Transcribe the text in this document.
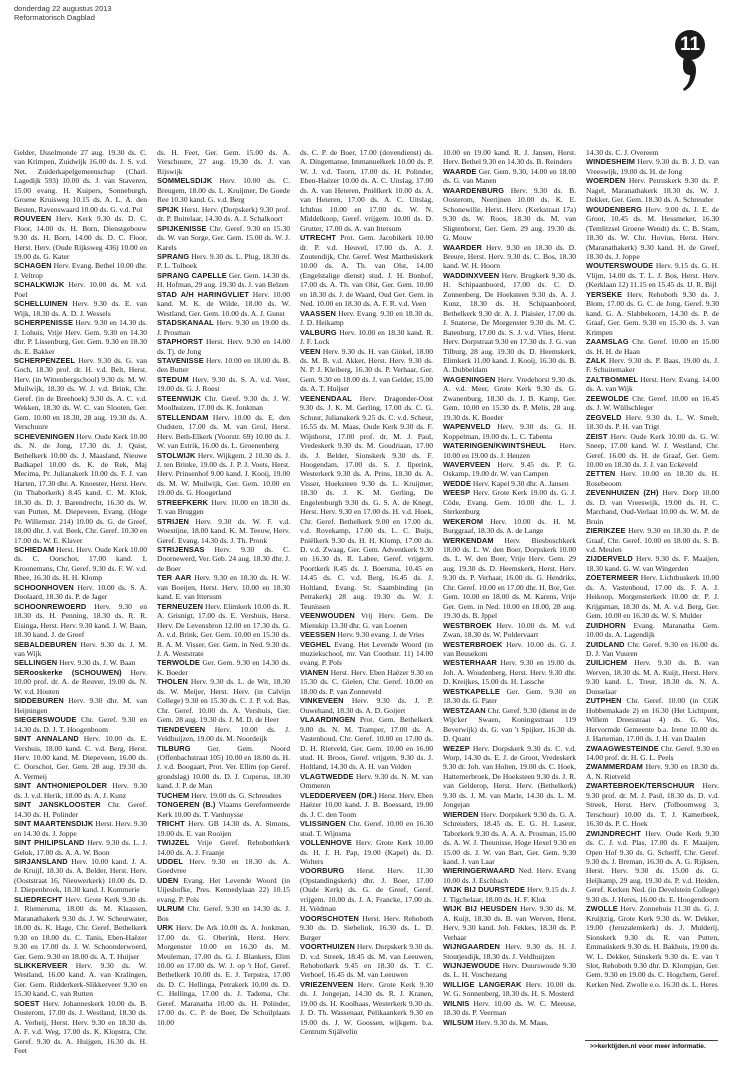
donderdag 22 augustus 2013
Reformatorisch Dagblad
11

Gelder, IJsselmonde 27 aug. 19.30 ds. C. van Krimpen, Zuidwijk 16.00 ds. J. S. v.d. Net, Zuiderkapelgemeenschap (Charl. Lagedijk 593) 10.00 ds. J. van Staveren, 15.00 evang. H. Kuipers, Sonneburgh, Groene Kruisweg 10.15 ds. A. L. A. den Besten, Ravenswaard 10.00 ds. G. v.d. Pol

ROUVEEN Herv. Kerk 9.30 ds. D. C. Floor, 14.00 ds. H. Born, Dienstgebouw 9.30 ds. H. Born, 14.00 ds. D. C. Floor, Herst. Herv. (Oude Rijksweg 436) 10.00 en 19.00 ds. G. Kater

SCHAGEN Herv. Evang. Bethel 10.00 dhr. J. Veltrop

SCHALKWIJK Herv. 10.00 ds. M. v.d. Poel

SCHELLUINEN Herv. 9.30 ds. E. van Wijk, 18.30 ds. A. D. J. Wessels

SCHERPENISSE Herv. 9.30 en 14.30 ds. J. Lohuis, Vrije Herv. Gem. 9.30 en 14.30 dhr. P. Lissenburg, Ger. Gem. 9.30 en 18.30 ds. E. Bakker

SCHERPENZEEL Herv. 9.30 ds. G. van Goch, 18.30 prof. dr. H. v.d. Belt, Herst. Herv. (in Wittenbergschool) 9.30 ds. M. W. Muilwijk, 18.30 ds. W. J. v.d. Brink, Chr. Geref. (in de Breehoek) 9.30 ds. A. C. v.d. Wekken, 18.30 ds. W. C. van Slooten, Ger. Gem. 10.00 en 18.30, 28 aug. 19.30 ds. A. Verschuure

SCHEVENINGEN Herv. Oude Kerk 10.00 ds. N. de Jong, 17.30 ds. J. Quist, Bethelkerk 10.00 ds. J. Maasland, Nieuwe Badkapel 10.00 ds. K. de Rek, Maj Mecima, Pr. Julianakerk 10.00 ds. F. J. van Harten, 17.30 dhr. A. Knoester, Herst. Herv. (in Thaborkerk) 8.45 kand. C. M. Klok, 18.30 ds. D. J. Barendrecht, 16.30 ds. W. van Putten, M. Diepeveen, Evang. (Hoge Pr. Willemstr. 214) 10.00 ds. G. de Greef, 18.00 dhr. J. v.d. Beek, Chr. Geref. 10.30 en 17.00 ds. W. E. Klaver

SCHIEDAM Herst. Herv. Oude Kerk 10.00 ds. C. Oorschot, 17.00 kand. I. Kroonemans, Chr. Geref. 9.30 ds. F. W. v.d. Rhee, 16.30 ds. H. H. Klomp

SCHOONHOVEN Herv. 10.00 ds. S. A. Doolaard, 18.30 ds. P. de Jager

SCHOONREWOERD Herv. 9.30 en 18.30 ds. H. Penning, 18.30 ds. R. R. Eisinga, Herst. Herv. 9.30 kand. J. W. Baan, 18.30 kand. J. de Greef

SEBALDEBUREN Herv. 9.30 ds. J. M. van Wijk

SELLINGEN Herv. 9.30 ds. J. W. Baan

SERooskerke (SCHOUWEN) Herv. 10.00 prof. dr. A. de Reuver, 19.00 ds. N. W. v.d. Houten

SIDDEBUREN Herv. 9.30 dhr. M. van Heijningen

SIEGERSWOUDE Chr. Geref. 9.30 en 14.30 ds. D. J. T. Hoogenboom

SINT ANNALAND Herv. 10.00 ds. E. Vershuis, 18.00 kand. C. v.d. Berg, Herst. Herv. 10.00 kand. M. Diepeveen, 16.00 ds. C. Oorschot, Ger. Gem. 28 aug. 19.30 ds. A. Vermeij

SINT ANTHONIEPOLDER Herv. 9.30 ds. J. v.d. Herik, 18.00 ds. A. J. Kunz

SINT JANSKLOOSTER Chr. Geref. 14.30 ds. H. Polinder

SINT MAARTENSDIJK Herst. Herv. 9.30 en 14.30 ds. J. Joppe

SINT PHILIPSLAND Herv. 9.30 ds. L. J. Geluk, 17.00 ds. A. A. W. Boon

SIRJANSLAND Herv. 10.00 kand. J. A. de Kruijf, 18.30 ds. A. Belder, Herst. Herv. (Ooststraat 16, Nieuwerkerk) 10.00 ds. D. J. Diepenbroek, 18.30 kand. J. Kommerie

SLIEDRECHT Herv. Grote Kerk 9.30 ds. J. Riemersma, 18.00 ds. M. Klaassen, Maranathakerk 9.30 ds. J. W. Scheurwater, 18.00 ds. K. Hage, Chr. Geref. Bethelkerk 9.30 en 18.00 ds. C. Tanis, Eben-Haëzer 9.30 en 17.00 ds. J. W. Schoonderwoerd, Ger. Gem. 9.30 en 18.00 ds. A. T. Huijser

SLIKKERVEER Herv. 9.30 ds. W. Westland, 16.00 kand. A. van Kralingen, Ger. Gem. Ridderkerk-Slikkerveer 9.30 en 15.30 kand. C. van Rutten

SOEST Herv. Johanneskerk 10.00 ds. B. Oosterom, 17.00 ds. J. Westland, 18.30 ds. A. Verheij, Herst. Herv. 9.30 en 18.30 ds. A. F. v.d. Weg, 17.00 ds. K. Klopstra, Chr. Geref. 9.30 ds. A. Huijgen, 16.30 ds. H. Feet

ds. H. Feet, Ger. Gem. 15.00 ds. A. Verschuure, 27 aug. 19.30 ds. J. van Rijswijk

SOMMELSDIJK Herv. 10.00 ds. C. Breugem, 18.00 ds. L. Kruijmer, De Goede Ree 10.30 kand. G. v.d. Berg

SPIJK Herst. Herv. (Dorpskerk) 9.30 prof. dr. P. Buitelaar, 14.30 ds. A. J. Schalkoort

SPIJKENISSE Chr. Geref. 9.30 en 15.30 ds. W. van Sorge, Ger. Gem. 15.00 ds. W. J. Karels

SPRANG Herv. 9.30 ds. L. Plug, 18.30 ds. P. L. Tolhoek

SPRANG CAPELLE Ger. Gem. 14.30 ds. H. Hofman, 29 aug. 19.30 ds. J. van Belzen

STAD A/H HARINGVLIET Herv. 10.00 kand. M. K. de Wilde, 18.00 ds. W. Westland, Ger. Gem. 10.00 ds. A. J. Gunst

STADSKANAAL Herv. 9.30 en 19.00 ds. J. Prosman

STAPHORST Herst. Herv. 9.30 en 14.00 ds. Tj. de Jong

STAVENISSE Herv. 10.00 en 18.00 ds. B. den Butter

STEDUM Herv. 9.30 ds. S. A. v.d. Veer, 19.00 ds. G. J. Roest

STEENWIJK Chr. Geref. 9.30 ds. J. W. Moolhuizen, 17.00 ds. K. Jonkman

STELLENDAM Herv. 10.00 ds. E. den Oudsten, 17.00 ds. M. van Grol, Herst. Herv. Beth-Elkerk (Voorstr. 69) 10.00 ds. J. W. van Estrik, 16.00 ds. L. Groenenberg

STOLWIJK Herv. Wijkgem. 2 10.30 ds. J. J. ten Brinke, 19.00 ds. J. P. J. Voets, Herst. Herv. Prinsenhof 9.00 kand. J. Kooij, 19.00 ds. M. W. Muilwijk, Ger. Gem. 10.00 en 19.00 ds. G. Hoogerland

STREEFKERK Herv. 10.00 en 18.30 ds. T. van Bruggen

STRIJEN Herv. 9.30 ds. W. F. v.d. Woestijne, 18.00 kand. K. M. Teeuw, Herv. Geref. Evang. 14.30 ds. J. Th. Pronk

STRIJENSAS Herv. 9.30 ds. C. Doornewerd, Ver. Geb. 24 aug. 18.30 dhr. J. de Boer

TER AAR Herv. 9.30 en 18.30 ds. H. W. van Boeijen, Herst. Herv. 10.00 en 18.30 kand. E. van Ittersum

TERNEUZEN Herv. Elimkerk 10.00 ds. R. A. Grisnigt, 17.00 ds. E. Vershuis, Herst. Herv. De Levensbron 12.00 en 17.30 ds. G. A. v.d. Brink, Ger. Gem. 10.00 en 15.30 ds. R. A. M. Visser, Ger. Gem. in Ned. 9.30 ds. J. A. Weststrate

TERWOLDE Ger. Gem. 9.30 en 14.30 ds. K. Boeder

THOLEN Herv. 9.30 ds. L. de Wit, 18.30 ds. W. Meijer, Herst. Herv. (in Calvijn College) 9.30 en 15.30 ds. C. J. P. v.d. Bas, Chr. Geref. 10.00 ds. A. Vershuis, Ger. Gem. 28 aug. 19.30 ds. J. M. D. de Heer

TIENDEVEEN Herv. 10.00 ds. J. Veldhuijzen, 19.00 ds. M. Noordeijk

TILBURG Ger. Gem. Noord (Offenbachstraat 105) 10.00 en 18.00 ds. H. J. v.d. Boogaart, Prot. Ver. Ellim (op Geref. grondslag) 10.00 ds. D. J. Cuperus, 18.30 kand. J. P. de Man

TUCHEM Herv. 19.00 ds. G. Schreuders

TONGEREN (B.) Vlaams Gereformeerde Kerk 10.00 ds. T. Vanhuysse

TRICHT Herv. GB 14.30 ds. A. Simons, 19.00 ds. E. van Rooijen

TWIJZEL Vrije Geref. Rehobothkerk 14.00 ds. A. J. Fraanje

UDDEL Herv. 9.30 en 18.30 ds. A. Goedvree

UDEN Evang. Het Levende Woord (in Uijeshofke, Pres. Kennedylaan 22) 10.15 evang. P. Pols

ULRUM Chr. Geref. 9.30 en 14.30 ds. J. Bos

URK Herv. De Ark 10.00 ds. A. Jonkman, 17.00 ds. G. Oberink, Herst. Herv. Morgenster 10.00 en 16.30 ds. M. Meuleman, 17.00 ds. G. J. Blankers, Elim 10.00 en 17.00 ds. W. J. op 't Hof, Geref. Bethelkerk 10.00 ds. E. J. Terpstra, 17.00 ds. D. C. Hellinga, Petrakerk 10.00 ds. D. C. Hellinga, 17.00 ds. J. Tadema, Chr. Geref. Maranatha 10.00 ds. H. Polinder, 17.00 ds. C. P. de Boer, De Schuilplaats 10.00

ds. C. P. de Boer, 17.00 (dovendienst) ds. A. Dingemanse, Immanuelkerk 10.00 ds. P. W. J. v.d. Toorn, 17.00 ds. H. Polinder, Eben-Haëzer 10.00 ds. A. C. Uitslag, 17.00 ds. A. van Heteren, Pniëlkerk 10.00 ds. A. van Heteren, 17.00 ds. A. C. Uitslag, Ichthus 10.00 en 17.00 ds. W. N. Middelkoop, Geref. vrijgem. 10.00 ds. D. Grutter, 17.00 ds. A. van Ittersum

UTRECHT Prot. Gem. Jacobikerk 10.00 dr. P. v.d. Heuvel, 17.00 ds. A. J. Zoutendijk, Chr. Geref. West Mattheüskerk 10.00 ds. A. Th. van Olst, 14.00 (Engelstalige dienst) stud. J. H. Bonhof, 17.00 ds. A. Th. van Olst, Ger. Gem. 10.00 en 18.30 ds. J. de Waard, Oud Ger. Gem. in Ned. 10.00 en 18.30 ds. A. F. R. v.d. Veen

VAASSEN Herv. Evang. 9.30 en 18.30 ds. J. D. Heikamp

VALBURG Herv. 10.00 en 18.30 kand. R. J. F. Lock

VEEN Herv. 9.30 ds. H. van Ginkel, 18.00 ds. M. B. v.d. Akker, Herst. Herv. 9.30 ds. N. P. J. Kleiberg, 16.30 ds. P. Verhaar, Ger. Gem. 9.30 en 18.00 ds. J. van Gelder, 15.00 ds. A. T. Huijser

VEENENDAAL Herv. Dragonder-Oost 9.30 ds. J. K. M. Gerling, 17.00 ds. C. G. Schuur, Julianakerk 9.25 ds. C. v.d. Scheur, 16.55 ds. M. Maas, Oude Kerk 9.30 ds. F. Wijnhorst, 17.00 prof. dr. M. J. Paul, Vredeskerk 9.30 ds. M. Goudriaan, 17.00 ds. J. Belder, Sionskerk 9.30 ds. F. Hoogendam, 17.00 ds. S. J. Ilperink, Westerkerk 9.30 ds. A. Prins, 18.30 ds. A. Visser, Hoeksteen 9.30 ds. L. Kruijmer, 18.30 ds. J. K. M. Gerling, De Engelenburgh 9.30 ds. G. S. A. de Knegt, Herst. Herv. 9.30 en 17.00 ds. H. v.d. Hoek, Chr. Geref. Bethelkerk 9.00 en 17.00 ds. v.d. Rovekamp, 17.00 ds. L. C. Buijs, Pniëlkerk 9.30 ds. H. H. Klomp, 17.00 ds. D. v.d. Zwaag, Ger. Gem. Adventkerk 9.30 en 16.30 ds. R. Labee, Geref. vrijgem. Poortkerk 8.45 ds. J. Boersma, 10.45 en 14.45 ds. C. v.d. Berg, 16.45 ds. J. Holtland, Evang. St. Saambinding (in Petrakerk) 28 aug. 19.30 ds. W. J. Teunissen

VEENWOUDEN Vrij Herv. Gem. De Mienskip 13.30 dhr. G. van Loenen

VEESSEN Herv. 9.30 evang. J. de Vries

VEGHEL Evang. Het Levende Woord (in muziekschool, mr. Van Coothstr. 11) 14.00 evang. P. Pols

VIANEN Herst. Herv. Eben Haëzer 9.30 en 15.30 ds. C. Gielen, Chr. Geref. 10.00 en 18.00 ds. P. van Zonneveld

VINKEVEEN Herv. 9.30 ds. J. P. Ouwehand, 18.30 ds. A. D. Goijert

VLAARDINGEN Prot. Gem. Bethelkerk 9.00 ds. N. M. Tramper, 17.00 ds. A. Vastenhoud, Chr. Geref. 10.00 en 17.00 ds. D. H. Rietveld, Ger. Gem. 10.00 en 16.00 stud. H. Broos, Geref. vrijgem. 9.30 ds. J. Holtland, 14.30 ds. A. H. van Velden

VLAGTWEDDE Herv. 9.30 ds. N. M. van Ommeren

VLEDDERVEEN (DR.) Herst. Herv. Eben Haëzer 10.00 kand. J. B. Boessard, 19.00 ds. J. C. den Toom

VLISSINGEN Chr. Geref. 10.00 en 16.30 stud. T. Wijnsma

VOLLENHOVE Herv. Grote Kerk 10.00 ds. H. J. H. Pap, 19.00 (Kapel) ds. D. Wolters

VOORBURG Herst. Herv. 11.30 (Opstandingskerk) dhr. J. Boer, 17.00 (Oude Kerk) ds. G. de Greef, Geref. vrijgem. 10.00 ds. J. A. Francke, 17.00 ds. H. Veldman

VOORSCHOTEN Herst. Herv. Rehoboth 9.30 ds. D. Siebelink, 16.30 ds. L. D. Burger

VOORTHUIZEN Herv. Dorpskerk 9.30 ds. D. v.d. Streek, 18.45 ds. M. van Leeuwen, Rehobotkerk 9.45 en 18.30 ds. T. C. Verhoef, 16.45 ds. M. van Leeuwen

VRIEZENVEEN Herv. Grote Kerk 9.30 ds. J. Jongejan, 14.30 ds. R. J. Kranen, 19.00 ds. H. Koolhaas, Westerkerk 9.30 ds. J. D. Th. Wassenaar, Pelikaankerk 9.30 en 19.00 ds. J. W. Goossen, wijkgem. b.a. Centrum Stjälvelin

10.00 en 19.00 kand. R. J. Jansen, Herst. Herv. Bethel 9.30 en 14.30 ds. B. Reinders

WAARDE Ger. Gem. 9.30, 14.00 en 18.00 ds. G. van Manen

WAARDENBURG Herv. 9.30 ds. B. Oosterom, Neerijnen 10.00 ds. K. E. Schonewille, Herst. Herv. (Kerkstraat 17a) 9.30 ds. W. Roos, 18.30 ds. M. van Sligtenhorst, Ger. Gem. 29 aug. 19.30 ds. G. Mouw

WAARDER Herv. 9.30 en 18.30 ds. D. Breure, Herst. Herv. 9.30 ds. C. Bos, 18.30 kand. W. H. Hoorn

WADDINXVEEN Herv. Brugkerk 9.30 ds. H. Schipaanboord, 17.00 ds. C. D. Zonnenberg, De Hoeksteen 9.30 ds. A. J. Kunz, 18.30 ds. H. Schipaanboord, Bethelkerk 9.30 dr. A. J. Plaisier, 17.00 ds. J. Snaterse, De Morgenster 9.30 ds. M. C. Batenburg, 17.00 ds. S. J. v.d. Vlies, Herst. Herv. Dorpstraat 9.30 en 17.30 ds. J. G. van Tilburg, 28 aug. 19.30 ds. D. Heemskerk, Elimkerk 11.00 kand. J. Kooij, 16.30 ds. B. A. Dubbeldam

WAGENINGEN Herv. Vredehorst 9.30 ds. A. v.d. Meer, Grote Kerk 9.30 ds. G. Zwanenburg, 18.30 ds. J. B. Kamp, Ger. Gem. 10.00 en 15.30 ds. P. Melis, 28 aug. 19.30 ds. K. Boeder

WAPENVELD Herv. 9.30 ds. G. H. Koppelman, 19.00 ds. L. C. Tabema

WATERINGEN/KWINTSHEUL Herv. 10.00 en 19.00 ds. J. Henzen

WAVERVEEN Herv. 9.45 ds. P. G. Oskamp, 19.00 dr. W. van Campen

WEDDE Herv. Kapel 9.30 dhr. A. Jansen

WEESP Herv. Grote Kerk 19.00 ds. G. J. Cöde, Evang. Gem. 10.00 dhr. L. J. Sterkenburg

WEKEROM Herv. 10.00 ds. H. M. Burggraaf, 18.30 ds. A. de Lange

WERKENDAM Herv. Biesboschkerk 18.00 ds. L. W. den Boer, Dorpskerk 10.00 ds. L. W. den Boer, Vrije Herv. Gem. 29 aug. 19.30 ds. D. Heemskerk, Herst. Herv. 9.30 ds. P. Verhaar, 16.00 ds. G. Hendriks, Chr. Geref. 10.00 en 17.00 dhr. H. Bor, Ger. Gem. 10.00 en 18.00 ds. M. Karens, Vrije Ger. Gem. in Ned. 10.00 en 18.00, 28 aug. 19.30 ds. B. Jppel

WESTBROEK Herv. 10.00 ds. M. v.d. Zwan, 18.30 ds. W. Poldervaart

WESTERBROEK Herv. 10.00 ds. G. J. van Beusekom

WESTERHAAR Herv. 9.30 en 19.00 ds. Joh. A. Woudenberg, Herst. Herv. 9.30 dhr. D. Kreijkes, 15.00 ds. H. Lassche

WESTKAPELLE Ger. Gem. 9.30 en 18.30 ds. G. Pater

WESTZAAN Chr. Geref. 9.30 (dienst in de Wijcker Swaen, Koningsstraat 119 Beverwijk) ds. G. van 't Spijker, 16.30 ds. D. Quant

WEZEP Herv. Dorpskerk 9.30 ds. C. v.d. Worp, 14.30 ds. E. J. de Groot, Vredeskerk 9.30 dr. Joh. van Holten, 19.00 ds. C. Hoek, Hattemerbroek, De Hoeksteen 9.30 ds. J. R. van Gelderop, Herst. Herv. (Bethelkerk) 9.30 ds. J. M. van Marle, 14.30 ds. L. M. Jongejan

WIERDEN Herv. Dorpskerk 9.30 ds. G. A. Schreuders, 18.45 ds. E. G. H. Laseur, Taborkerk 9.30 ds. A. A. A. Prosman, 15.00 ds. A. W. J. Theunisse, Hoge Hexel 9.30 en 15.00 ds. J. W. van Bart, Ger. Gem. 9.30 kand. J. van Laar

WIERINGERWAARD Ned. Herv. Evang 10.00 ds. J. Eschbach

WIJK BIJ DUURSTEDE Herv. 9.15 ds. J. J. Tigchelaar, 18.00 ds. H. F. Klok

WIJK BIJ HEUSDEN Herv. 9.30 ds. M. A. Kuijt, 18.30 ds. B. van Werven, Herst. Herv. 9.30 kand. Joh. Fekkes, 18.30 ds. P. Verhaar

WIJNGAARDEN Herv. 9.30 ds. H. J. Stoutjesdijk, 18.30 ds. J. Veldhuijzen

WIJNJEWOUDE Herv. Duurswoude 9.30 ds. L. H. Voschezang

WILLIGE LANGERAK Herv. 10.00 ds. W. G. Sonnenberg, 18.30 ds. H. S. Mosterd

WILNIS Herv. 10.00 ds. W. C. Meeuse, 18.30 ds. P. Veerman

WILSUM Herv. 9.30 ds. M. Maas,

14.30 ds. C. J. Overeem

WINDESHEIM Herv. 9.30 ds. B. J. D. van Vreeswijk, 19.00 ds. H. de Jong

WOERDEN Herv. Petruskerk 9.30 ds. P. Nagel, Maranathakerk 18.30 ds. W. J. Dekker, Ger. Gem. 18.30 ds. A. Schreuder

WOUDENBERG Herv. 9.00 ds. J. E. de Groot, 10.45 ds. M. Hessmeker, 16.30 (Temlitzsel Groene Wendt) ds. C. B. Stam, 18.30 ds. W. Chr. Hovius, Herst. Herv. (Maranathakerk) 9.30 kand. H. de Greef, 18.30 ds. J. Joppe

WOUTERSWOUDE Herv. 9.15 ds. G. H. Vlijm, 14.00 ds. T. L. J. Bos, Herst. Herv. (Kerklaan 12) 11.15 en 15.45 ds. IJ. R. Bijl

YERSEKE Herv. Rehoboth 9.30 ds. J. Blom, 17.00 ds. G. C. de Jong, Geref. 9.30 kand. G. A. Slabbekoorn, 14.30 ds. P. de Graaf, Ger. Gem. 9.30 en 15.30 ds. J. van Krimpen

ZAAMSLAG Chr. Geref. 10.00 en 15.00 ds. H. H. de Haan

ZALK Herv. 9.30 ds. P. Baas, 19.00 ds. J. F. Schuitemaker

ZALTBOMMEL Herst. Herv. Evang. 14.00 ds. A. van Wijk

ZEEWOLDE Chr. Geref. 10.00 en 16.45 ds. J. W. Wüllschleger

ZEGVELD Herv. 9.30 ds. L. W. Smelt, 18.30 ds. P. H. van Trigt

ZEIST Herv. Oude Kerk 10.00 ds. G. W. Sneep, 17.00 kand. W. J. Westland, Chr. Geref. 16.00 ds. H. de Graaf, Ger. Gem. 10.00 en 18.30 ds. J. J. van Eckeveld

ZETTEN Herv. 10.00 en 18.30 ds. H. Rosebeoom

ZEVENHUIZEN (ZH) Herv. Dorp 10.00 ds. D. van Vreeswijk, 19.00 ds. H. C. Marchand, Oud-Verlaat 10.00 ds. W. M. de Bruin

ZIERIKZEE Herv. 9.30 en 18.30 ds. P. de Graaf, Chr. Geref. 10.00 en 18.00 ds. S. B. v.d. Meulen

ZIJDERVELD Herv. 9.30 ds. F. Maaijen, 18.30 kand. G. W. van Wingerden

ZOETERMEER Herv. Lichtbuskerk 10.00 ds. A. Vastenhoud, 17.00 ds. F. A. J. Heikoop, Morgensterkerk 10.00 dr. P. J. Krijgsman, 18.30 ds. M. A. v.d. Berg, Ger. Gem. 10.00 en 16.30 ds. W. S. Mulder

ZUIDHORN Evang. Maranatha Gem. 10.00 ds. A. Lagendijk

ZUIDLAND Chr. Geref. 9.30 en 16.00 ds. D. J. Van Vuuren

ZUILICHEM Herv. 9.30 ds. B. van Werven, 18.30 ds. M. A. Kuijt, Herst. Herv. 9.30 kand. L. Treur, 18.30 ds. N. A. Donselaar

ZUTPHEN Chr. Geref. 10.00 (in CGK Hobbemakade 2) en 16.30 (Het Lichtpunt, Willem Dreesstraat 4) ds. G. Vos, Hervormde Gemeente b.a. Irene 10.00 ds. J. Harteman, 17.00 ds. J. H. van Daalen

ZWAAGWESTEINDE Chr. Geref. 9.30 en 14.00 prof. dr. H. G. L. Peels

ZWAMMERDAM Herv. 9.30 en 18.30 ds. A. N. Rietveld

ZWARTEBROEK/TERSCHUUR Herv. 9.30 prof. dr. M. J. Paul, 18.30 ds. D. v.d. Streek, Herst. Herv. (Tolboomweg 3, Terschuur) 10.00 ds. T. J. Kamerbeek, 16.30 ds. P. C. Hoek

ZWIJNDRECHT Herv. Oude Kerk 9.30 ds. C. J. v.d. Plas, 17.00 ds. F. Maaijen, Open Hof 9.30 ds. G. Scherff, Chr. Geref. 9.30 ds. J. Breman, 16.30 ds. A. G. Rijksen, Herst. Herv. 9.30 ds. 15.00 ds. G. Heijkamp, 29 aug. 19.30 ds. P. v.d. Heiden, Geref. Kerken Ned. (in Develstein College) 9.30 ds. J. Heres, 16.00 ds. E. Hoogendoorn

ZWOLLE Herv. Zonnehuis 11.30 ds. G. J. Kruijtzig, Grote Kerk 9.30 ds. W. Dekker, 19.00 (Jeruzalemkerk) ds. J. Mulderij, Sionskerk 9.30 ds. R. van Putten, Emmaüskerk 9.30 ds. H. Bakhuis, 19.00 ds. W. L. Dekker, Stinskerk 9.30 ds. E. van 't Slot, Rehoboth 9.30 dhr. D. Klompjan, Ger. Gem. 9.30 en 19.00 ds. C. Hogchem, Geref. Kerken Ned. Zwolle e.o. 16.30 ds. L. Heres

>>kerktijden.nl voor meer informatie.
